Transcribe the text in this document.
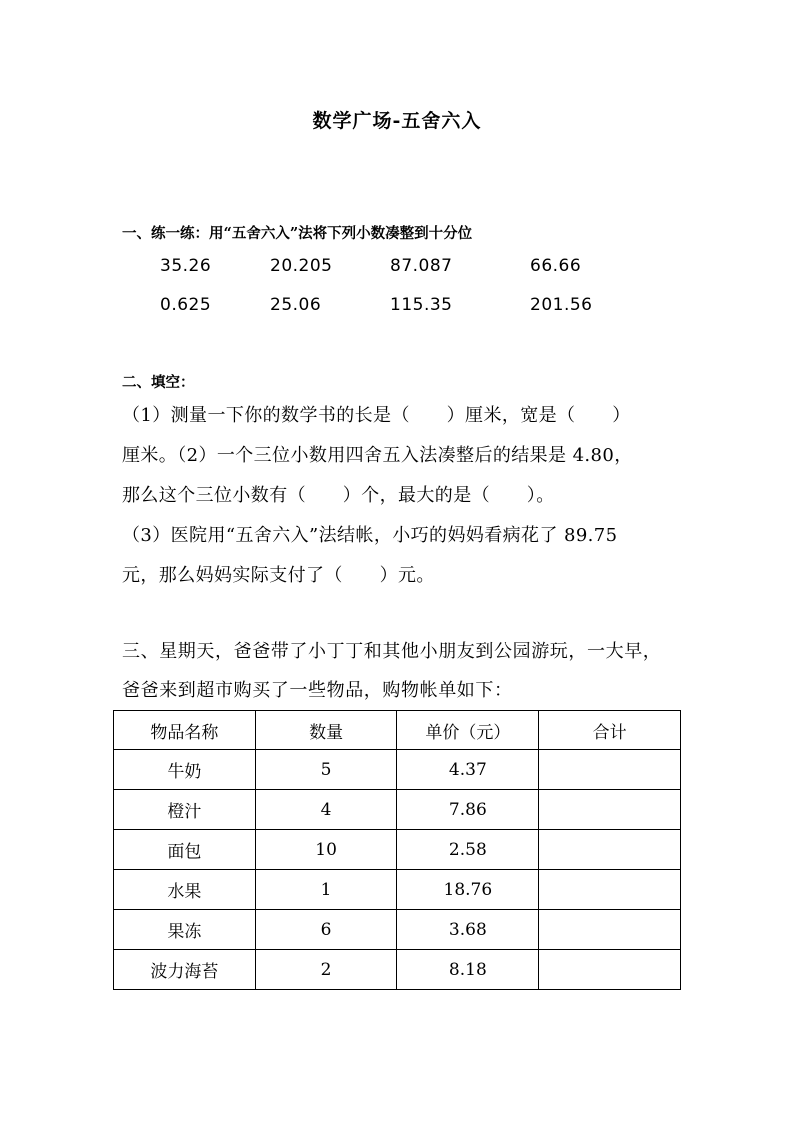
数学广场-五舍六入
一、练一练：用“五舍六入”法将下列小数凑整到十分位
35.26	20.205	87.087	66.66
0.625	25.06	115.35	201.56
二、填空：
（1）测量一下你的数学书的长是（　　）厘米，宽是（　　）
厘米。（2）一个三位小数用四舍五入法凑整后的结果是 4.80，
那么这个三位小数有（　　）个，最大的是（　　）。
（3）医院用“五舍六入”法结帐，小巧的妈妈看病花了 89.75
元，那么妈妈实际支付了（　　）元。
三、星期天，爸爸带了小丁丁和其他小朋友到公园游玩，一大早，
爸爸来到超市购买了一些物品，购物帐单如下：
物品名称	数量	单价（元）	合计
牛奶	5	4.37	
橙汁	4	7.86	
面包	10	2.58	
水果	1	18.76	
果冻	6	3.68	
波力海苔	2	8.18	
